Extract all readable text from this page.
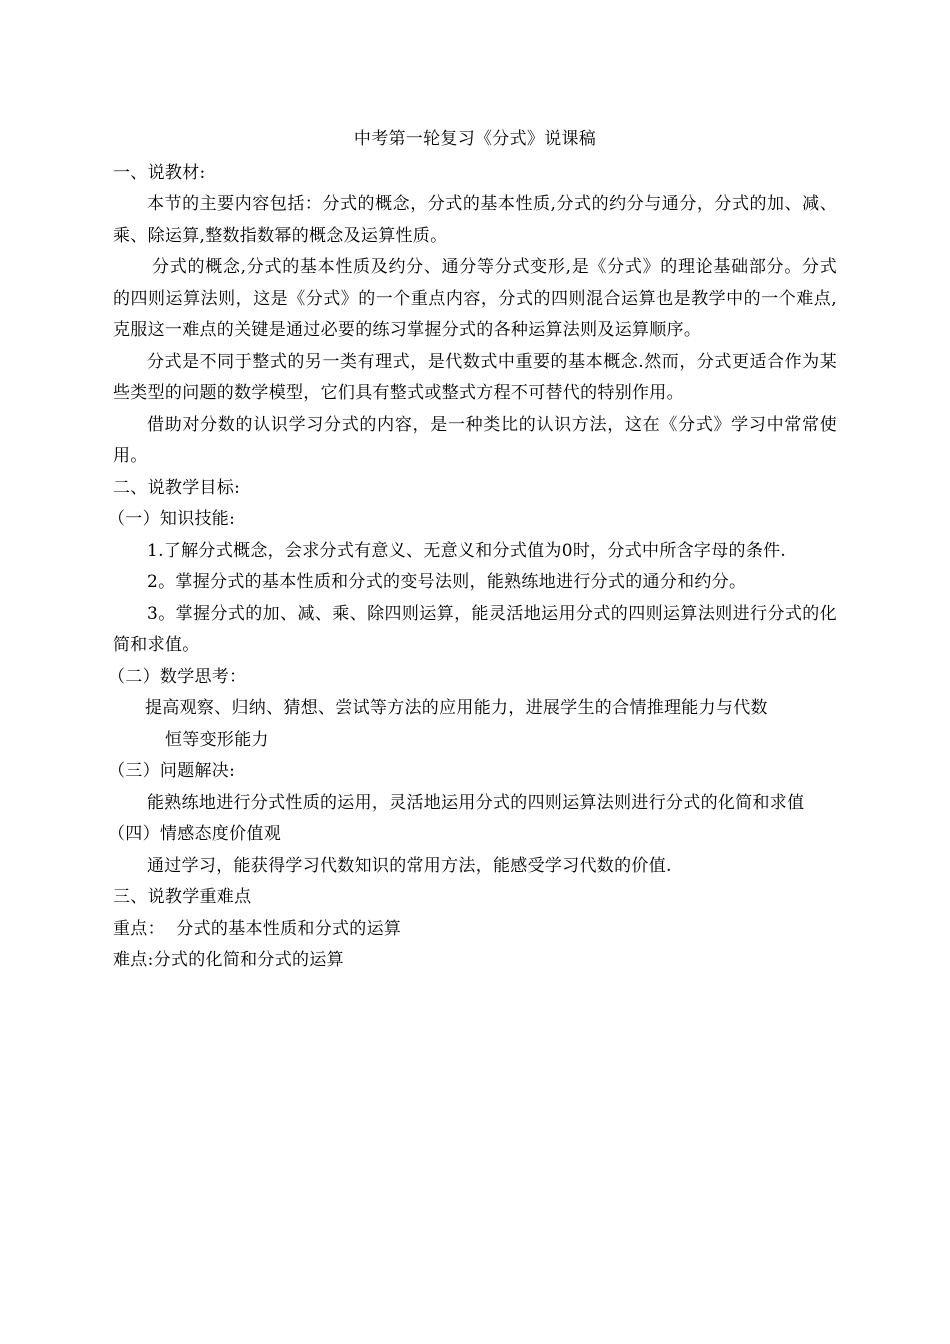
中考第一轮复习《分式》说课稿

一、说教材:

本节的主要内容包括：分式的概念，分式的基本性质,分式的约分与通分，分式的加、减、乘、除运算,整数指数幂的概念及运算性质。

分式的概念,分式的基本性质及约分、通分等分式变形,是《分式》的理论基础部分。分式的四则运算法则，这是《分式》的一个重点内容，分式的四则混合运算也是教学中的一个难点,克服这一难点的关键是通过必要的练习掌握分式的各种运算法则及运算顺序。

分式是不同于整式的另一类有理式，是代数式中重要的基本概念.然而，分式更适合作为某些类型的问题的数学模型，它们具有整式或整式方程不可替代的特别作用。

借助对分数的认识学习分式的内容，是一种类比的认识方法，这在《分式》学习中常常使用。

二、说教学目标:

（一）知识技能:

1.了解分式概念，会求分式有意义、无意义和分式值为0时，分式中所含字母的条件.

2。掌握分式的基本性质和分式的变号法则，能熟练地进行分式的通分和约分。

3。掌握分式的加、减、乘、除四则运算，能灵活地运用分式的四则运算法则进行分式的化简和求值。

（二）数学思考：

提高观察、归纳、猜想、尝试等方法的应用能力，进展学生的合情推理能力与代数
恒等变形能力

（三）问题解决:

能熟练地进行分式性质的运用，灵活地运用分式的四则运算法则进行分式的化简和求值

（四）情感态度价值观

通过学习，能获得学习代数知识的常用方法，能感受学习代数的价值.

三、说教学重难点

重点：  分式的基本性质和分式的运算

难点:分式的化简和分式的运算
